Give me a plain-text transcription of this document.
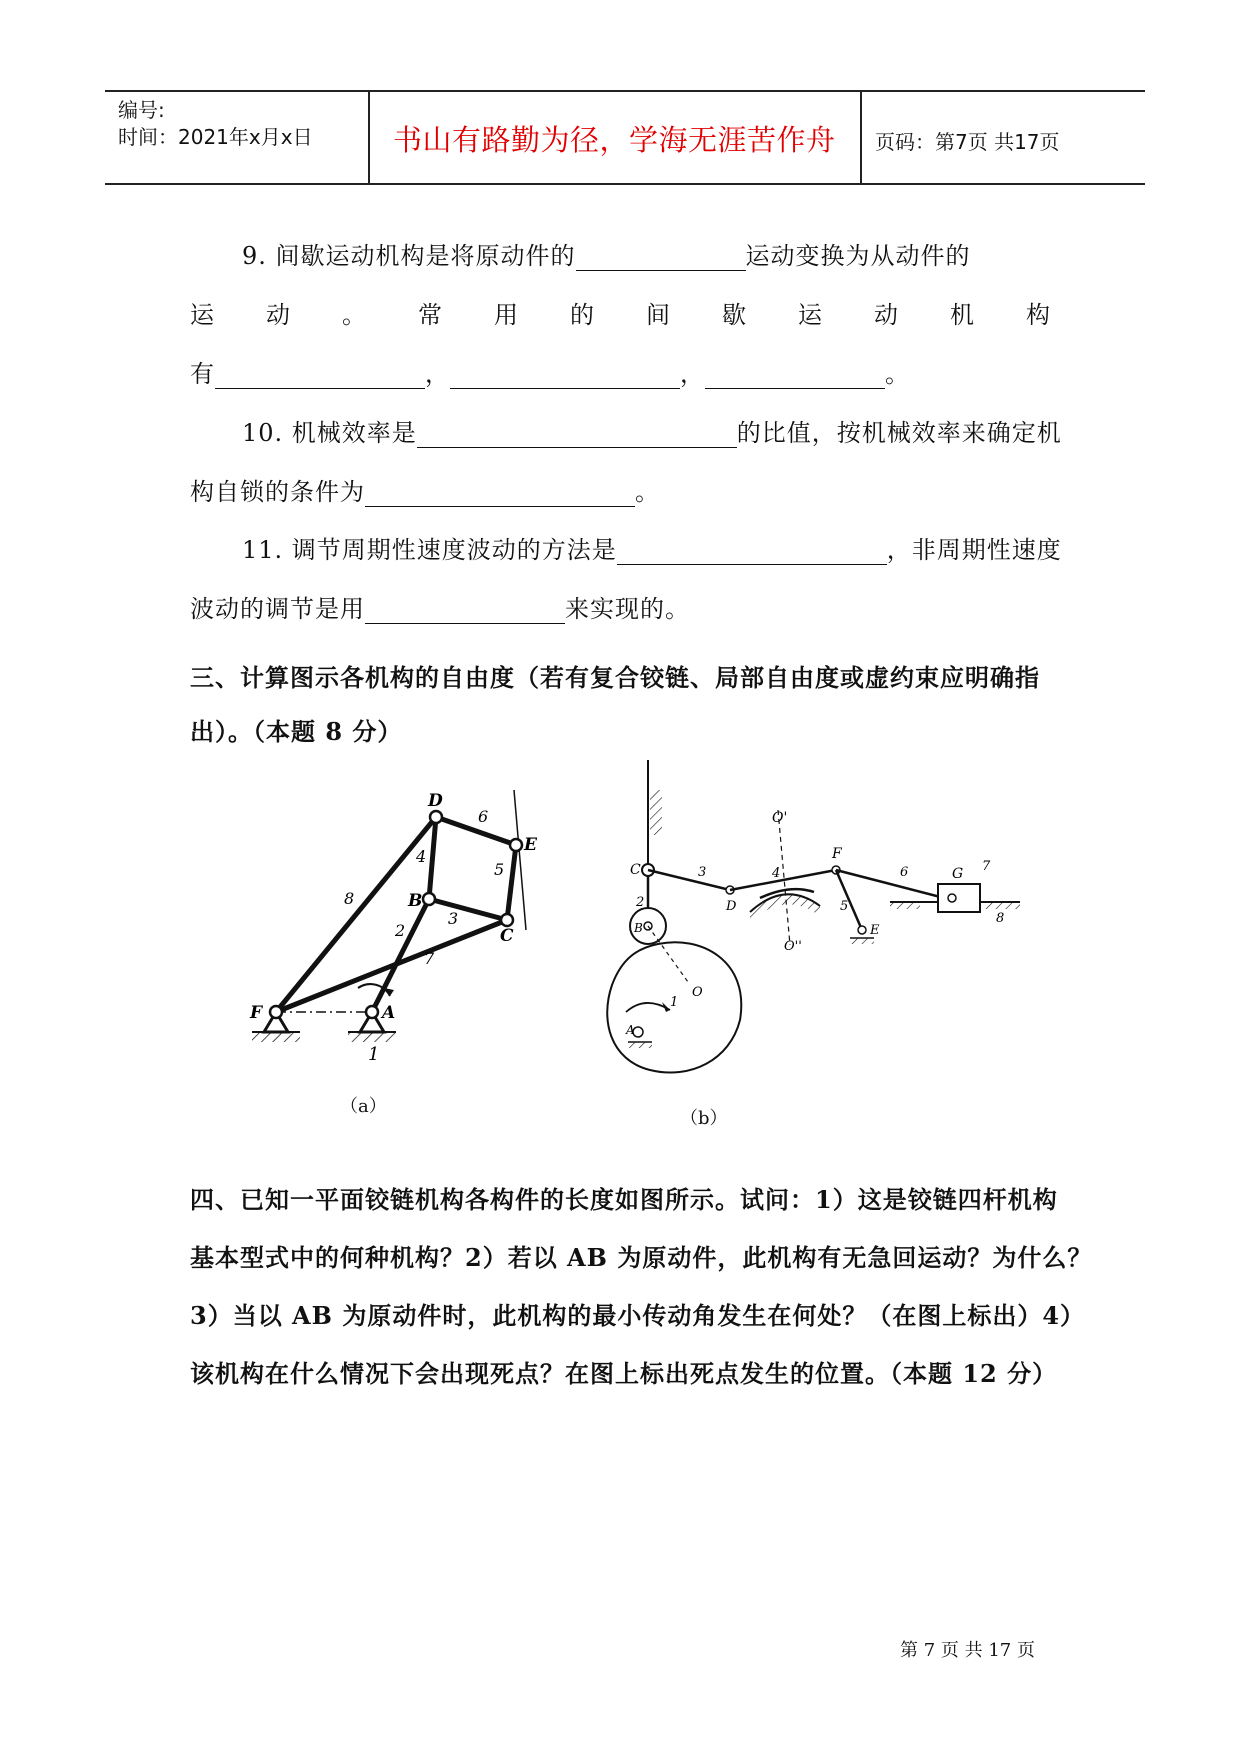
编号:
时间：2021年x月x日	书山有路勤为径，学海无涯苦作舟 页码：第7页 共17页
9. 间歇运动机构是将原动件的	运动变换为从动件的
运 动 。 常 用 的 间 歇 运 动 机 构
有	，	，	。
10. 机械效率是	的比值，按机械效率来确定机
构自锁的条件为	。
11. 调节周期性速度波动的方法是	，非周期性速度
波动的调节是用	来实现的。
三、计算图示各机构的自由度（若有复合铰链、局部自由度或虚约束应明确指
出）。（本题 8 分）
D
6
E
4
5
8	B
3
C
2
7
F	A
1
（a）
O'
C	3	4
D
F
6	G 7
8
5
E
O''
2
B
O
1
A
（b）
四、已知一平面铰链机构各构件的长度如图所示。试问：1）这是铰链四杆机构
基本型式中的何种机构？2）若以 AB 为原动件，此机构有无急回运动？为什么？
3）当以 AB 为原动件时，此机构的最小传动角发生在何处？（在图上标出）4）
该机构在什么情况下会出现死点？在图上标出死点发生的位置。（本题 12 分）
第 7 页 共 17 页
